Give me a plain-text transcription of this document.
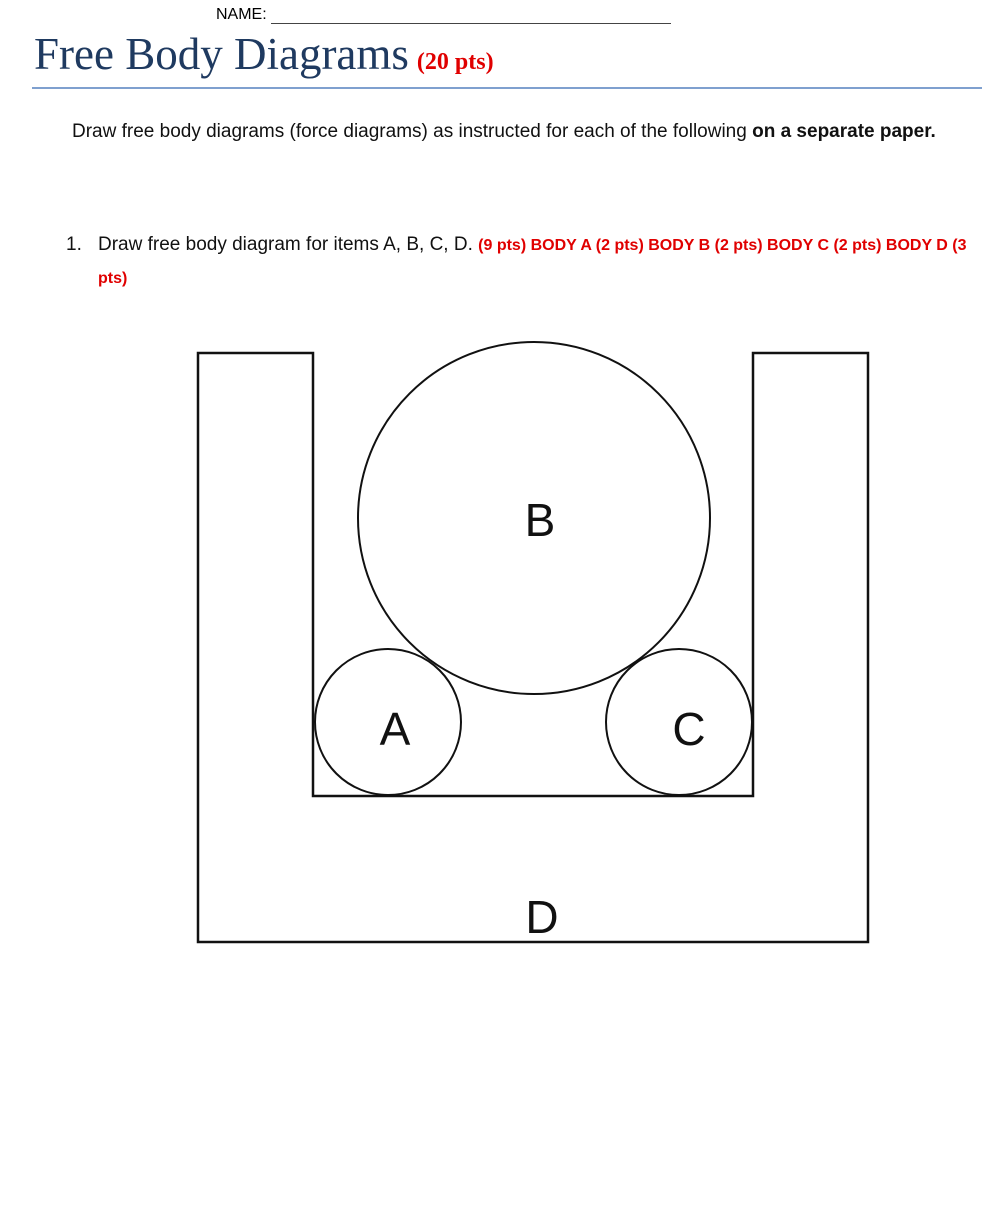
NAME:
Free Body Diagrams (20 pts)
Draw free body diagrams (force diagrams) as instructed for each of the following on a separate paper.
1. Draw free body diagram for items A, B, C, D. (9 pts) BODY A (2 pts) BODY B (2 pts) BODY C (2 pts) BODY D (3 pts)
B
A	C
D
